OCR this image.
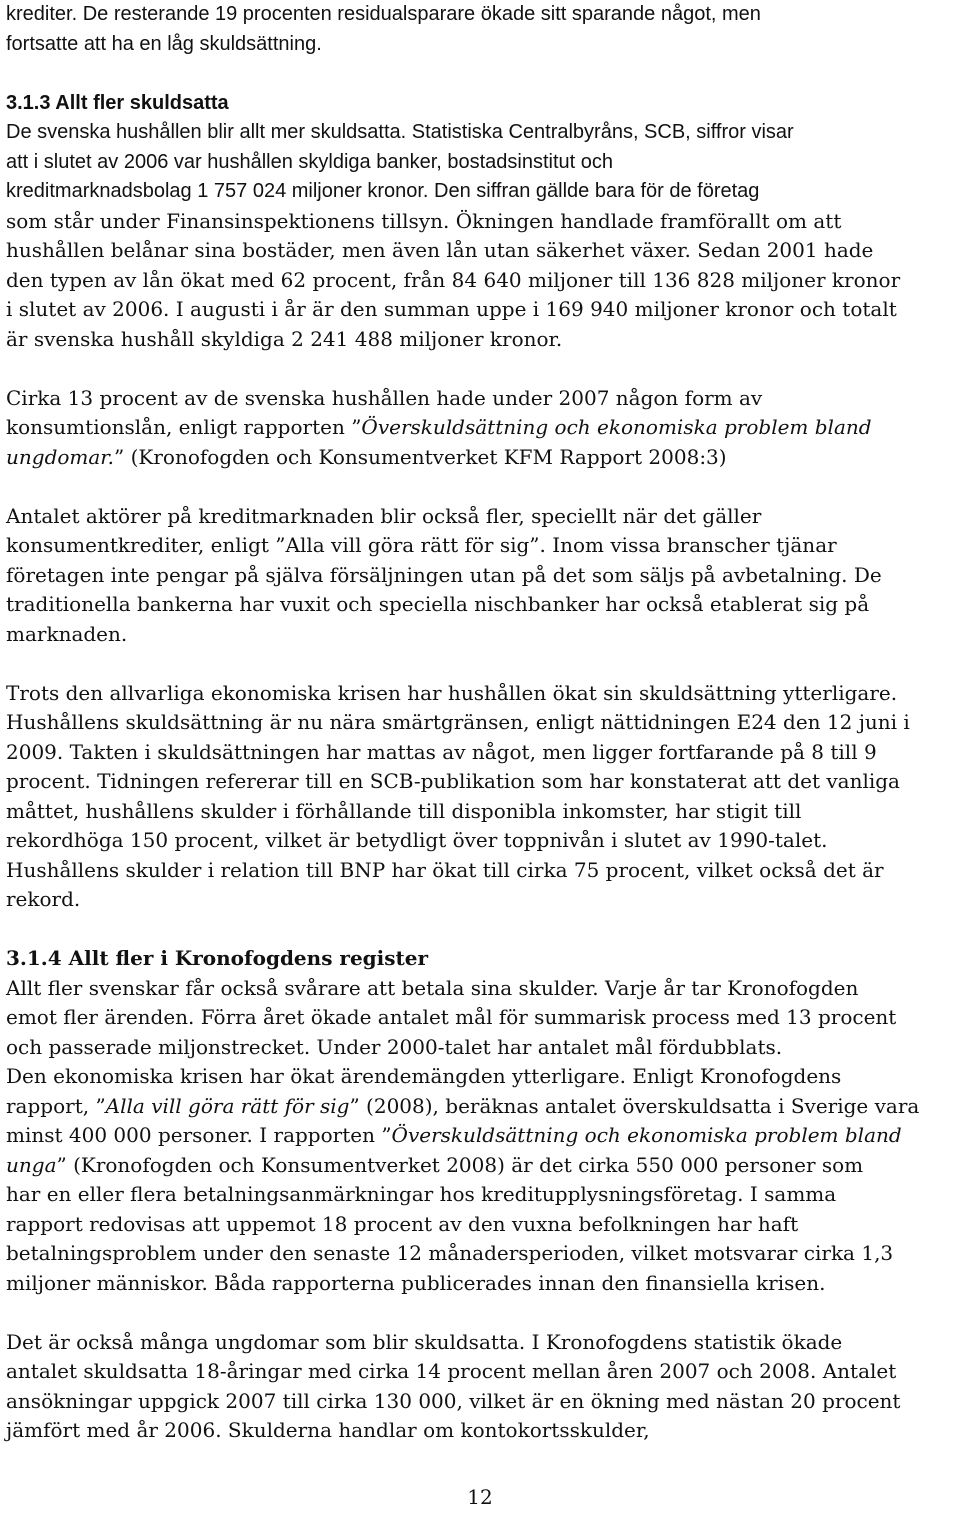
krediter. De resterande 19 procenten residualsparare ökade sitt sparande något, men
fortsatte att ha en låg skuldsättning.
3.1.3 Allt fler skuldsatta
De svenska hushållen blir allt mer skuldsatta. Statistiska Centralbyråns, SCB, siffror visar
att i slutet av 2006 var hushållen skyldiga banker, bostadsinstitut och
kreditmarknadsbolag 1 757 024 miljoner kronor. Den siffran gällde bara för de företag
som står under Finansinspektionens tillsyn. Ökningen handlade framförallt om att
hushållen belånar sina bostäder, men även lån utan säkerhet växer. Sedan 2001 hade
den typen av lån ökat med 62 procent, från 84 640 miljoner till 136 828 miljoner kronor
i slutet av 2006. I augusti i år är den summan uppe i 169 940 miljoner kronor och totalt
är svenska hushåll skyldiga 2 241 488 miljoner kronor.
Cirka 13 procent av de svenska hushållen hade under 2007 någon form av
konsumtionslån, enligt rapporten ”Överskuldsättning och ekonomiska problem bland
ungdomar.” (Kronofogden och Konsumentverket KFM Rapport 2008:3)
Antalet aktörer på kreditmarknaden blir också fler, speciellt när det gäller
konsumentkrediter, enligt ”Alla vill göra rätt för sig”. Inom vissa branscher tjänar
företagen inte pengar på själva försäljningen utan på det som säljs på avbetalning. De
traditionella bankerna har vuxit och speciella nischbanker har också etablerat sig på
marknaden.
Trots den allvarliga ekonomiska krisen har hushållen ökat sin skuldsättning ytterligare.
Hushållens skuldsättning är nu nära smärtgränsen, enligt nättidningen E24 den 12 juni i
2009. Takten i skuldsättningen har mattas av något, men ligger fortfarande på 8 till 9
procent. Tidningen refererar till en SCB-publikation som har konstaterat att det vanliga
måttet, hushållens skulder i förhållande till disponibla inkomster, har stigit till
rekordhöga 150 procent, vilket är betydligt över toppnivån i slutet av 1990-talet.
Hushållens skulder i relation till BNP har ökat till cirka 75 procent, vilket också det är
rekord.
3.1.4 Allt fler i Kronofogdens register
Allt fler svenskar får också svårare att betala sina skulder. Varje år tar Kronofogden
emot fler ärenden. Förra året ökade antalet mål för summarisk process med 13 procent
och passerade miljonstrecket. Under 2000-talet har antalet mål fördubblats.
Den ekonomiska krisen har ökat ärendemängden ytterligare. Enligt Kronofogdens
rapport, ”Alla vill göra rätt för sig” (2008), beräknas antalet överskuldsatta i Sverige vara
minst 400 000 personer. I rapporten ”Överskuldsättning och ekonomiska problem bland
unga” (Kronofogden och Konsumentverket 2008) är det cirka 550 000 personer som
har en eller flera betalningsanmärkningar hos kreditupplysningsföretag. I samma
rapport redovisas att uppemot 18 procent av den vuxna befolkningen har haft
betalningsproblem under den senaste 12 månadersperioden, vilket motsvarar cirka 1,3
miljoner människor. Båda rapporterna publicerades innan den finansiella krisen.
Det är också många ungdomar som blir skuldsatta. I Kronofogdens statistik ökade
antalet skuldsatta 18-åringar med cirka 14 procent mellan åren 2007 och 2008. Antalet
ansökningar uppgick 2007 till cirka 130 000, vilket är en ökning med nästan 20 procent
jämfört med år 2006. Skulderna handlar om kontokortsskulder,
12
